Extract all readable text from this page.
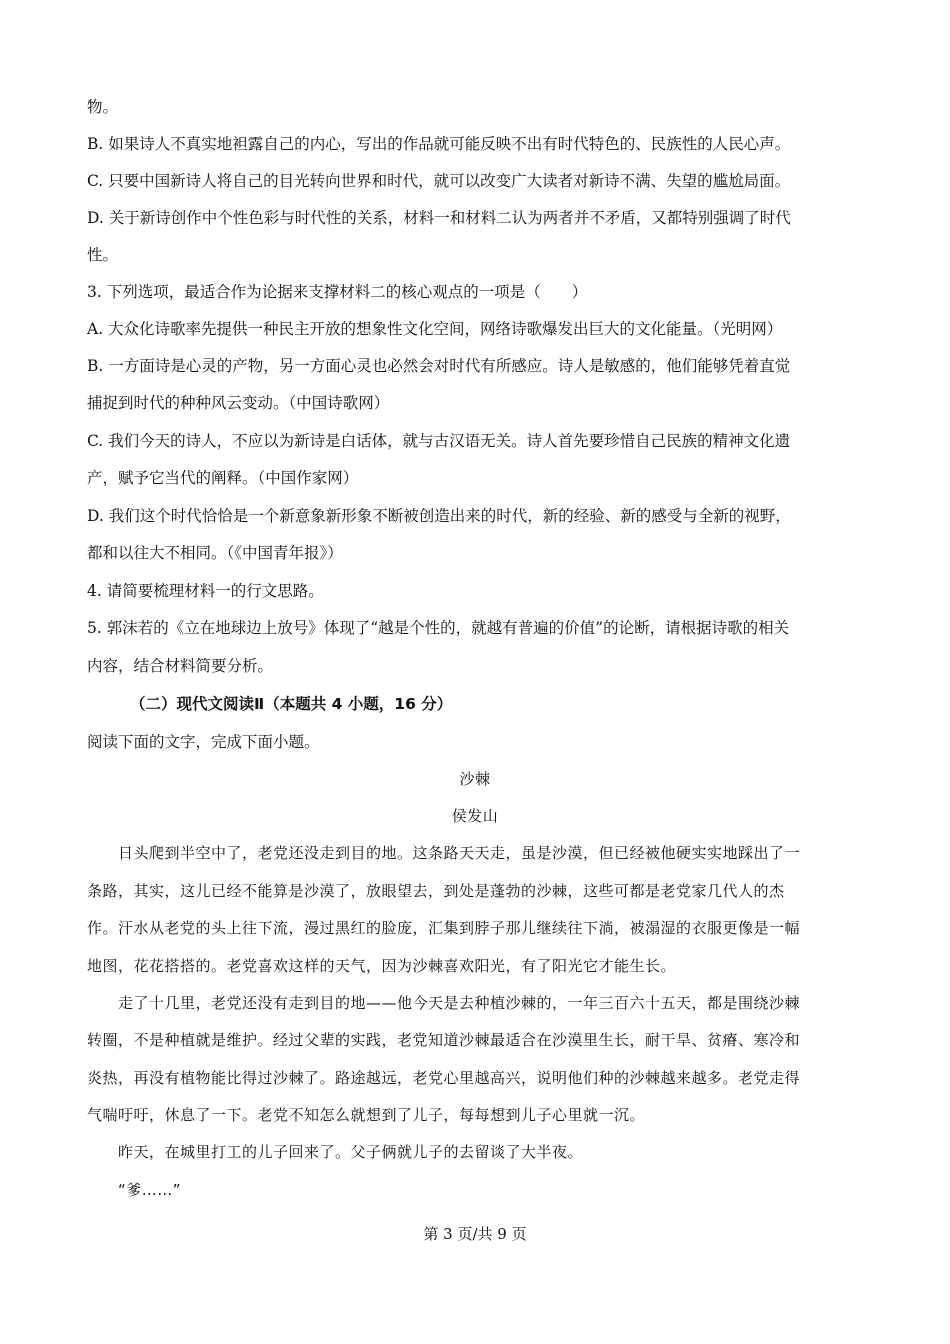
物。
B. 如果诗人不真实地袒露自己的内心，写出的作品就可能反映不出有时代特色的、民族性的人民心声。
C. 只要中国新诗人将自己的目光转向世界和时代，就可以改变广大读者对新诗不满、失望的尴尬局面。
D. 关于新诗创作中个性色彩与时代性的关系，材料一和材料二认为两者并不矛盾，又都特别强调了时代
性。
3. 下列选项，最适合作为论据来支撑材料二的核心观点的一项是（　　）
A. 大众化诗歌率先提供一种民主开放的想象性文化空间，网络诗歌爆发出巨大的文化能量。（光明网）
B. 一方面诗是心灵的产物，另一方面心灵也必然会对时代有所感应。诗人是敏感的，他们能够凭着直觉
捕捉到时代的种种风云变动。（中国诗歌网）
C. 我们今天的诗人，不应以为新诗是白话体，就与古汉语无关。诗人首先要珍惜自己民族的精神文化遗
产，赋予它当代的阐释。（中国作家网）
D. 我们这个时代恰恰是一个新意象新形象不断被创造出来的时代，新的经验、新的感受与全新的视野，
都和以往大不相同。（《中国青年报》）
4. 请简要梳理材料一的行文思路。
5. 郭沫若的《立在地球边上放号》体现了“越是个性的，就越有普遍的价值”的论断，请根据诗歌的相关
内容，结合材料简要分析。
（二）现代文阅读Ⅱ（本题共 4 小题，16 分）
阅读下面的文字，完成下面小题。
沙棘
侯发山
日头爬到半空中了，老党还没走到目的地。这条路天天走，虽是沙漠，但已经被他硬实实地踩出了一
条路，其实，这儿已经不能算是沙漠了，放眼望去，到处是蓬勃的沙棘，这些可都是老党家几代人的杰
作。汗水从老党的头上往下流，漫过黑红的脸庞，汇集到脖子那儿继续往下淌，被溻湿的衣服更像是一幅
地图，花花搭搭的。老党喜欢这样的天气，因为沙棘喜欢阳光，有了阳光它才能生长。
走了十几里，老党还没有走到目的地——他今天是去种植沙棘的，一年三百六十五天，都是围绕沙棘
转圈，不是种植就是维护。经过父辈的实践，老党知道沙棘最适合在沙漠里生长，耐干旱、贫瘠、寒冷和
炎热，再没有植物能比得过沙棘了。路途越远，老党心里越高兴，说明他们种的沙棘越来越多。老党走得
气喘吁吁，休息了一下。老党不知怎么就想到了儿子，每每想到儿子心里就一沉。
昨天，在城里打工的儿子回来了。父子俩就儿子的去留谈了大半夜。
“爹……”
第 3 页/共 9 页
